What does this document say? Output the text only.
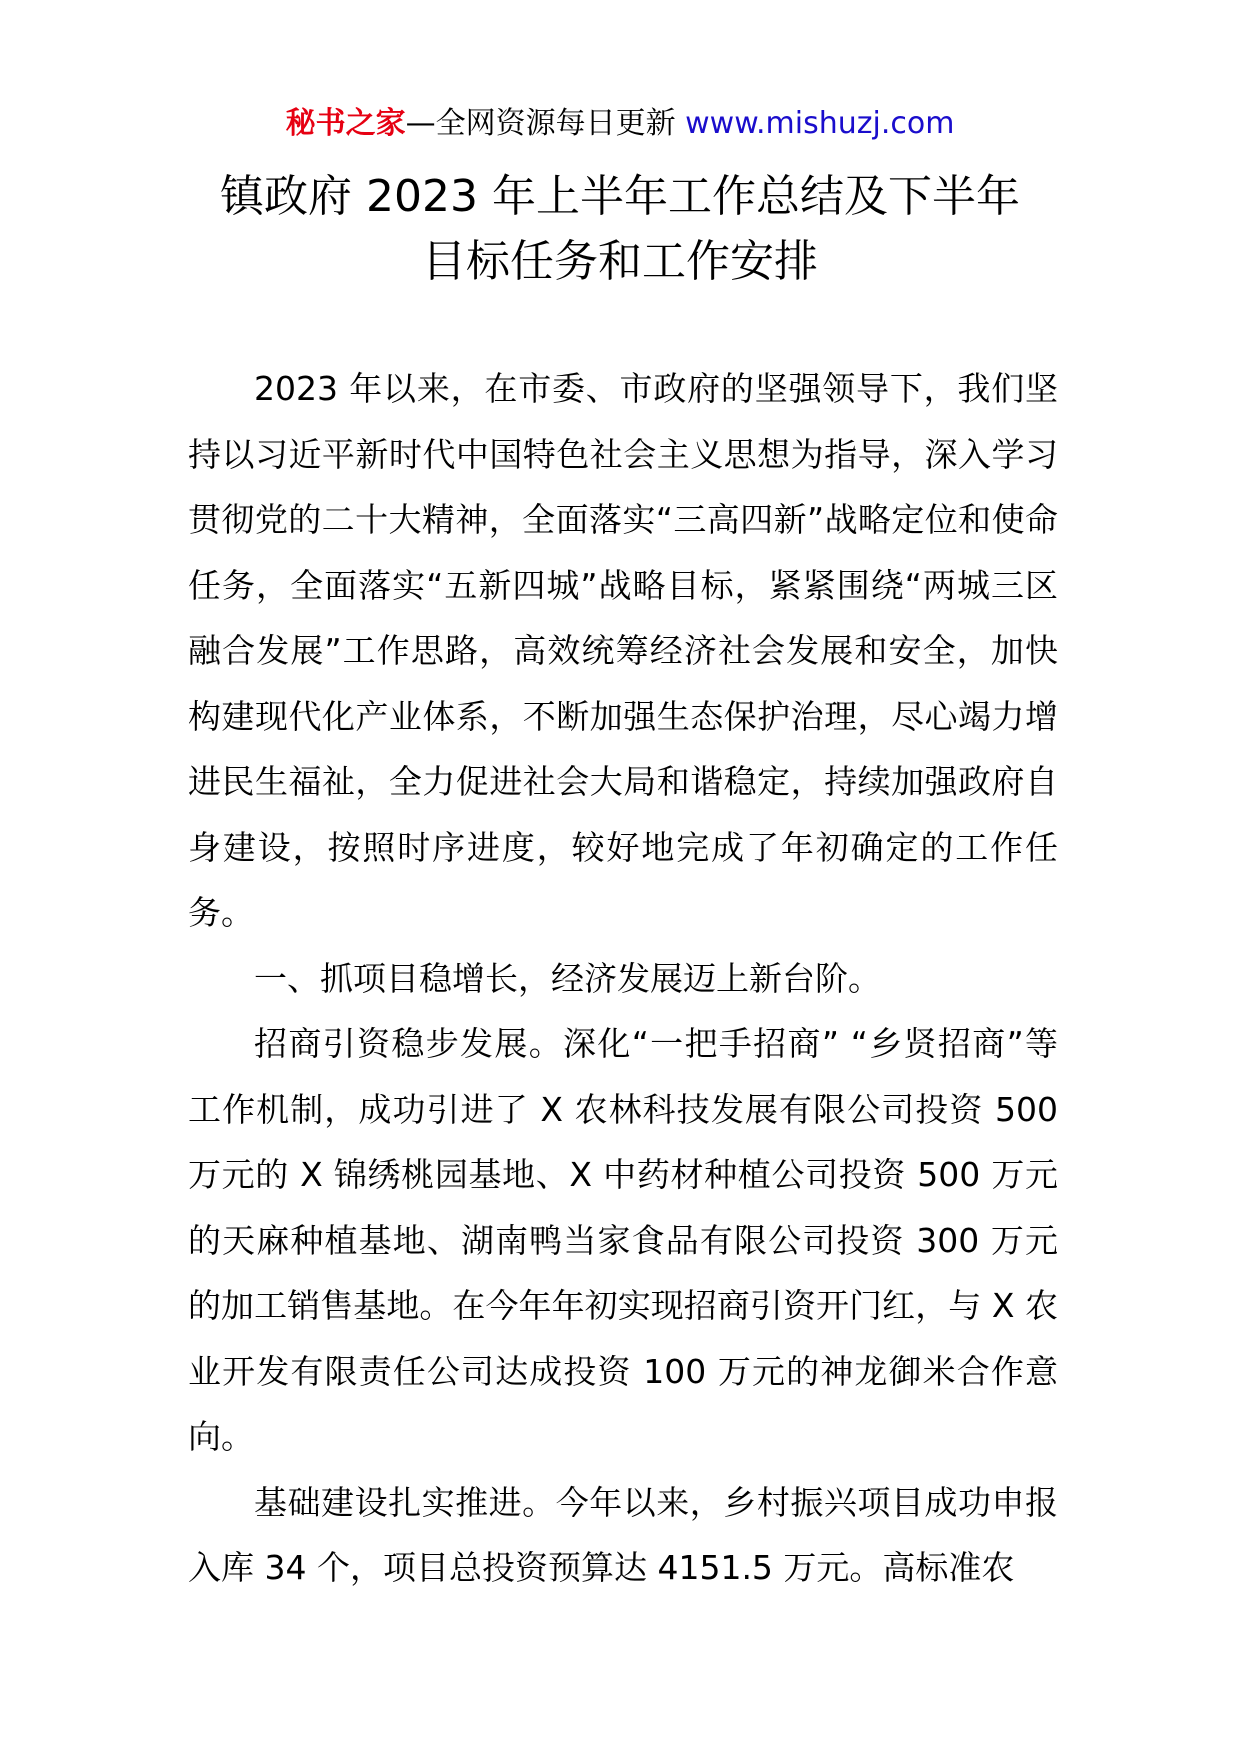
秘书之家—全网资源每日更新 www.mishuzj.com
镇政府 2023 年上半年工作总结及下半年
目标任务和工作安排

2023 年以来，在市委、市政府的坚强领导下，我们坚持以习近平新时代中国特色社会主义思想为指导，深入学习贯彻党的二十大精神，全面落实“三高四新”战略定位和使命任务，全面落实“五新四城”战略目标，紧紧围绕“两城三区融合发展”工作思路，高效统筹经济社会发展和安全，加快构建现代化产业体系，不断加强生态保护治理，尽心竭力增进民生福祉，全力促进社会大局和谐稳定，持续加强政府自身建设，按照时序进度，较好地完成了年初确定的工作任务。

一、抓项目稳增长，经济发展迈上新台阶。

招商引资稳步发展。深化“一把手招商” “乡贤招商”等工作机制，成功引进了 X 农林科技发展有限公司投资 500 万元的 X 锦绣桃园基地、X 中药材种植公司投资 500 万元的天麻种植基地、湖南鸭当家食品有限公司投资 300 万元的加工销售基地。在今年年初实现招商引资开门红，与 X 农业开发有限责任公司达成投资 100 万元的神龙御米合作意向。

基础建设扎实推进。今年以来，乡村振兴项目成功申报入库 34 个，项目总投资预算达 4151.5 万元。高标准农
